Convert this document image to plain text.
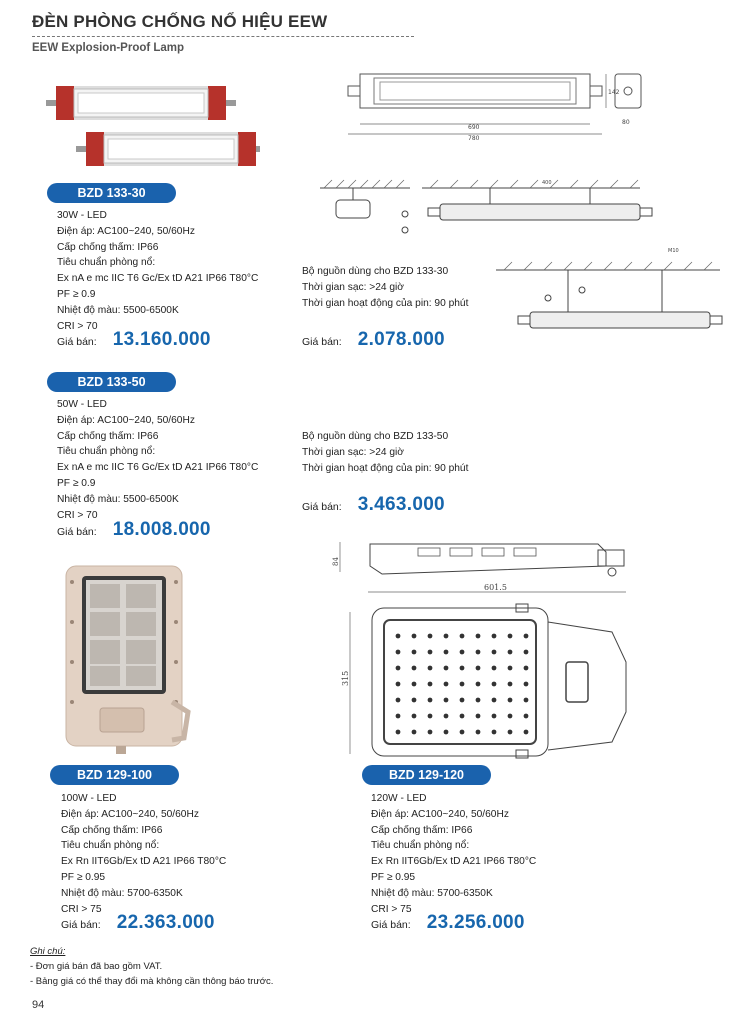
ĐÈN PHÒNG CHỐNG NỔ HIỆU EEW
EEW Explosion-Proof Lamp
690
780
142
80
400
M10
BZD 133-30
30W - LED
Điện áp: AC100~240, 50/60Hz
Cấp chống thấm: IP66
Tiêu chuẩn phòng nổ:
Ex nA e mc IIC T6 Gc/Ex tD A21 IP66 T80°C
PF ≥ 0.9
Nhiệt độ màu: 5500-6500K
CRI > 70
Giá bán: 13.160.000
Bộ nguồn dùng cho BZD 133-30
Thời gian sạc: >24 giờ
Thời gian hoạt động của pin: 90 phút
Giá bán: 2.078.000
BZD 133-50
50W - LED
Điện áp: AC100~240, 50/60Hz
Cấp chống thấm: IP66
Tiêu chuẩn phòng nổ:
Ex nA e mc IIC T6 Gc/Ex tD A21 IP66 T80°C
PF ≥ 0.9
Nhiệt độ màu: 5500-6500K
CRI > 70
Giá bán: 18.008.000
Bộ nguồn dùng cho BZD 133-50
Thời gian sạc: >24 giờ
Thời gian hoạt động của pin: 90 phút
Giá bán: 3.463.000
84
601.5
315
BZD 129-100
100W - LED
Điện áp: AC100~240, 50/60Hz
Cấp chống thấm: IP66
Tiêu chuẩn phòng nổ:
Ex Rn IIT6Gb/Ex tD A21 IP66 T80°C
PF ≥ 0.95
Nhiệt độ màu: 5700-6350K
CRI > 75
Giá bán: 22.363.000
BZD 129-120
120W - LED
Điện áp: AC100~240, 50/60Hz
Cấp chống thấm: IP66
Tiêu chuẩn phòng nổ:
Ex Rn IIT6Gb/Ex tD A21 IP66 T80°C
PF ≥ 0.95
Nhiệt độ màu: 5700-6350K
CRI > 75
Giá bán: 23.256.000
Ghi chú:
- Đơn giá bán đã bao gồm VAT.
- Bảng giá có thể thay đổi mà không cần thông báo trước.
94
